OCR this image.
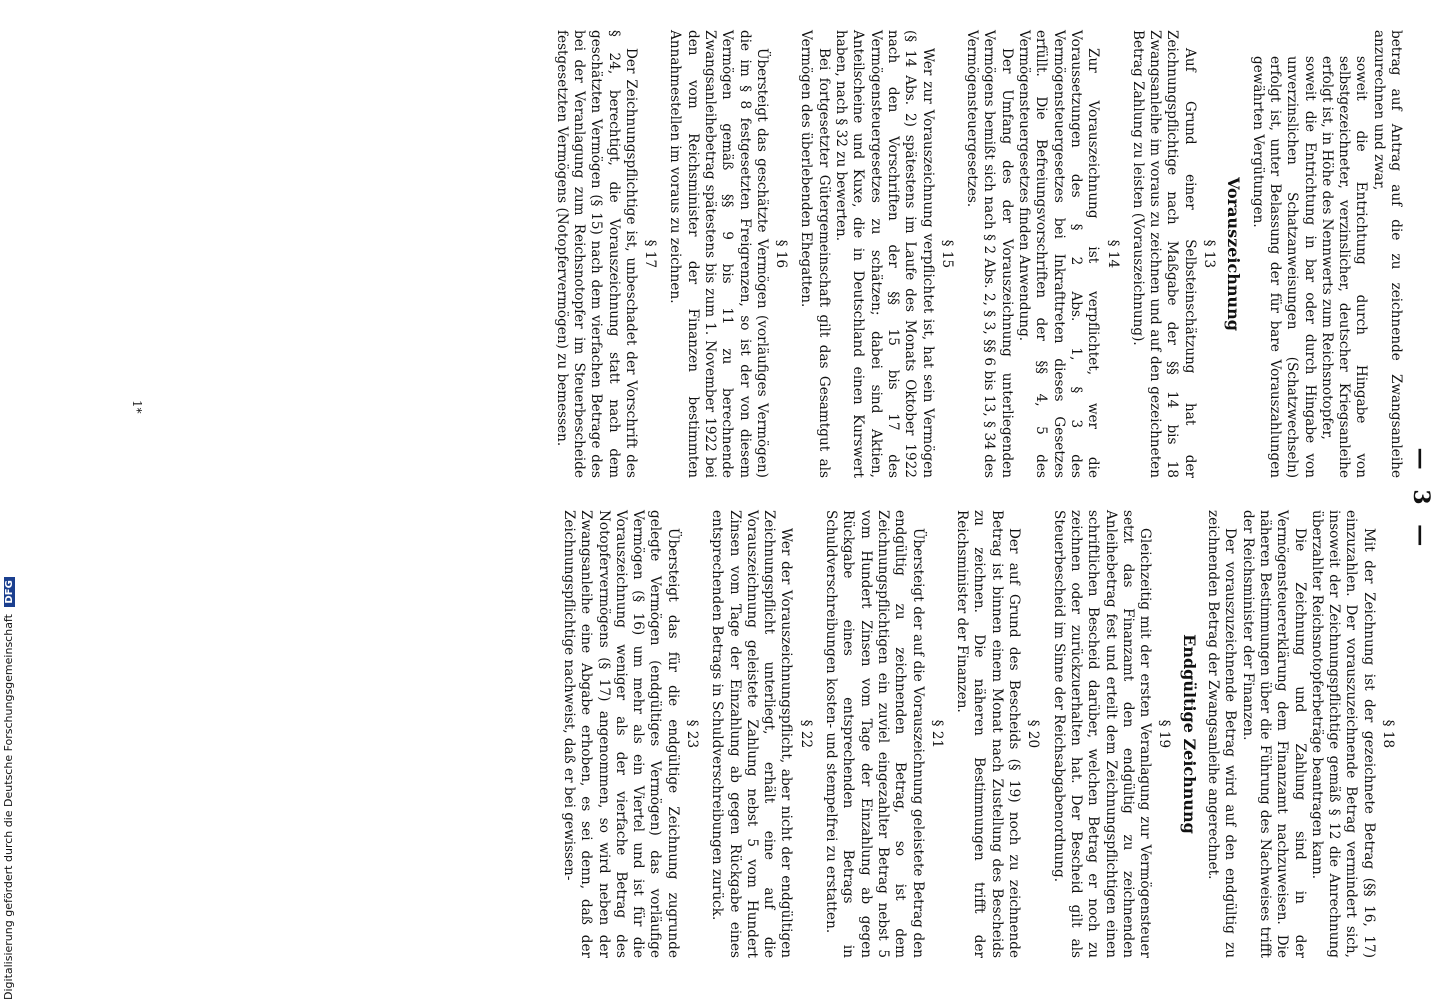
— 3 —

betrag auf Antrag auf die zu zeichnende Zwangsanleihe anzurechnen und zwar,

soweit die Entrichtung durch Hingabe von selbstgezeichneter, verzinslicher, deutscher Kriegsanleihe erfolgt ist, in Höhe des Nennwerts zum Reichsnotopfer,

soweit die Entrichtung in bar oder durch Hingabe von unverzinslichen Schatzanweisungen (Schatzwechseln) erfolgt ist, unter Belassung der für bare Vorauszahlungen gewährten Vergütungen.

Vorauszeichnung
§ 13

Auf Grund einer Selbsteinschätzung hat der Zeichnungspflichtige nach Maßgabe der §§ 14 bis 18 Zwangsanleihe im voraus zu zeichnen und auf den gezeichneten Betrag Zahlung zu leisten (Vorauszeichnung).

§ 14

Zur Vorauszeichnung ist verpflichtet, wer die Voraussetzungen des § 2 Abs. 1, § 3 des Vermögensteuergesetzes bei Inkrafttreten dieses Gesetzes erfüllt. Die Befreiungsvorschriften der §§ 4, 5 des Vermögensteuergesetzes finden Anwendung.

Der Umfang des der Vorauszeichnung unterliegenden Vermögens bemißt sich nach § 2 Abs. 2, § 3, §§ 6 bis 13, § 34 des Vermögensteuergesetzes.

§ 15

Wer zur Vorauszeichnung verpflichtet ist, hat sein Vermögen (§ 14 Abs. 2) spätestens im Laufe des Monats Oktober 1922 nach den Vorschriften der §§ 15 bis 17 des Vermögensteuergesetzes zu schätzen; dabei sind Aktien, Anteilscheine und Kuxe, die in Deutschland einen Kurswert haben, nach § 32 zu bewerten.

Bei fortgesetzter Gütergemeinschaft gilt das Gesamtgut als Vermögen des überlebenden Ehegatten.

§ 16

Übersteigt das geschätzte Vermögen (vorläufiges Vermögen) die im § 8 festgesetzten Freigrenzen, so ist der von diesem Vermögen gemäß §§ 9 bis 11 zu berechnende Zwangsanleihebetrag spätestens bis zum 1. November 1922 bei den vom Reichsminister der Finanzen bestimmten Annahmestellen im voraus zu zeichnen.

§ 17

Der Zeichnungspflichtige ist, unbeschadet der Vorschrift des § 24, berechtigt, die Vorauszeichnung statt nach dem geschätzten Vermögen (§ 15) nach dem vierfachen Betrage des bei der Veranlagung zum Reichsnotopfer im Steuerbescheide festgesetzten Vermögens (Notopfervermögen) zu bemessen.

§ 18

Mit der Zeichnung ist der gezeichnete Betrag (§§ 16, 17) einzuzahlen. Der vorauszuzeichnende Betrag vermindert sich, insoweit der Zeichnungspflichtige gemäß § 12 die Anrechnung überzahlter Reichsnotopferbeträge beantragen kann.

Die Zeichnung und Zahlung sind in der Vermögensteuererklärung dem Finanzamt nachzuweisen. Die näheren Bestimmungen über die Führung des Nachweises trifft der Reichsminister der Finanzen.

Der vorauszuzeichnende Betrag wird auf den endgültig zu zeichnenden Betrag der Zwangsanleihe angerechnet.

Endgültige Zeichnung
§ 19

Gleichzeitig mit der ersten Veranlagung zur Vermögensteuer setzt das Finanzamt den endgültig zu zeichnenden Anleihebetrag fest und erteilt dem Zeichnungspflichtigen einen schriftlichen Bescheid darüber, welchen Betrag er noch zu zeichnen oder zurückzuerhalten hat. Der Bescheid gilt als Steuerbescheid im Sinne der Reichsabgabenordnung.

§ 20

Der auf Grund des Bescheids (§ 19) noch zu zeichnende Betrag ist binnen einem Monat nach Zustellung des Bescheids zu zeichnen. Die näheren Bestimmungen trifft der Reichsminister der Finanzen.

§ 21

Übersteigt der auf die Vorauszeichnung geleistete Betrag den endgültig zu zeichnenden Betrag, so ist dem Zeichnungspflichtigen ein zuviel eingezahlter Betrag nebst 5 vom Hundert Zinsen vom Tage der Einzahlung ab gegen Rückgabe eines entsprechenden Betrags in Schuldverschreibungen kosten- und stempelfrei zu erstatten.

§ 22

Wer der Vorauszeichnungspflicht, aber nicht der endgültigen Zeichnungspflicht unterliegt, erhält eine auf die Vorauszeichnung geleistete Zahlung nebst 5 vom Hundert Zinsen vom Tage der Einzahlung ab gegen Rückgabe eines entsprechenden Betrags in Schuldverschreibungen zurück.

§ 23

Übersteigt das für die endgültige Zeichnung zugrunde gelegte Vermögen (endgültiges Vermögen) das vorläufige Vermögen (§ 16) um mehr als ein Viertel und ist für die Vorauszeichnung weniger als der vierfache Betrag des Notopfervermögens (§ 17) angenommen, so wird neben der Zwangsanleihe eine Abgabe erhoben, es sei denn, daß der Zeichnungspflichtige nachweist, daß er bei gewissen-

1*
Digitalisierung gefördert durch die Deutsche Forschungsgemeinschaft DFG
